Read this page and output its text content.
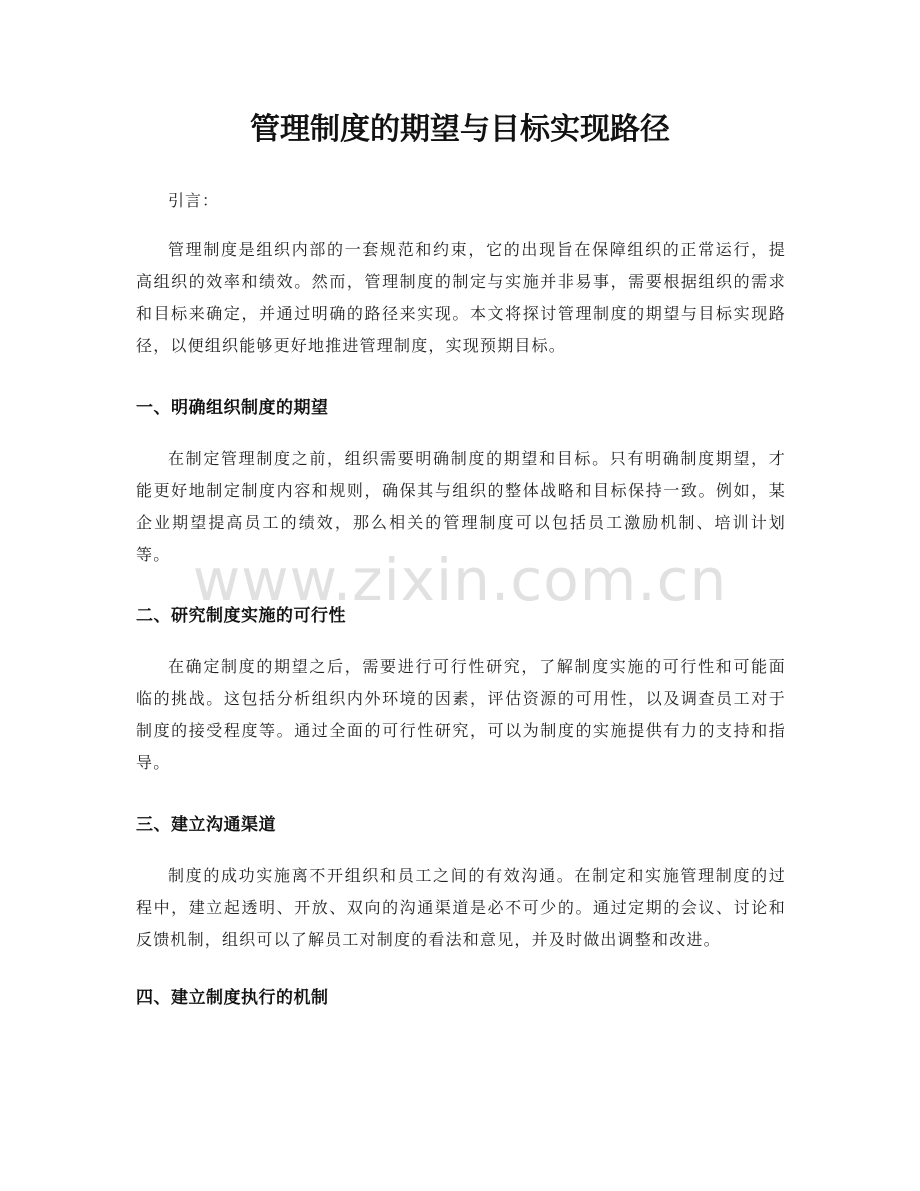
管理制度的期望与目标实现路径

引言：

管理制度是组织内部的一套规范和约束，它的出现旨在保障组织的正常运行，提高组织的效率和绩效。然而，管理制度的制定与实施并非易事，需要根据组织的需求和目标来确定，并通过明确的路径来实现。本文将探讨管理制度的期望与目标实现路径，以便组织能够更好地推进管理制度，实现预期目标。

一、明确组织制度的期望

在制定管理制度之前，组织需要明确制度的期望和目标。只有明确制度期望，才能更好地制定制度内容和规则，确保其与组织的整体战略和目标保持一致。例如，某企业期望提高员工的绩效，那么相关的管理制度可以包括员工激励机制、培训计划等。

二、研究制度实施的可行性

在确定制度的期望之后，需要进行可行性研究，了解制度实施的可行性和可能面临的挑战。这包括分析组织内外环境的因素，评估资源的可用性，以及调查员工对于制度的接受程度等。通过全面的可行性研究，可以为制度的实施提供有力的支持和指导。

三、建立沟通渠道

制度的成功实施离不开组织和员工之间的有效沟通。在制定和实施管理制度的过程中，建立起透明、开放、双向的沟通渠道是必不可少的。通过定期的会议、讨论和反馈机制，组织可以了解员工对制度的看法和意见，并及时做出调整和改进。

四、建立制度执行的机制

www.zixin.com.cn
